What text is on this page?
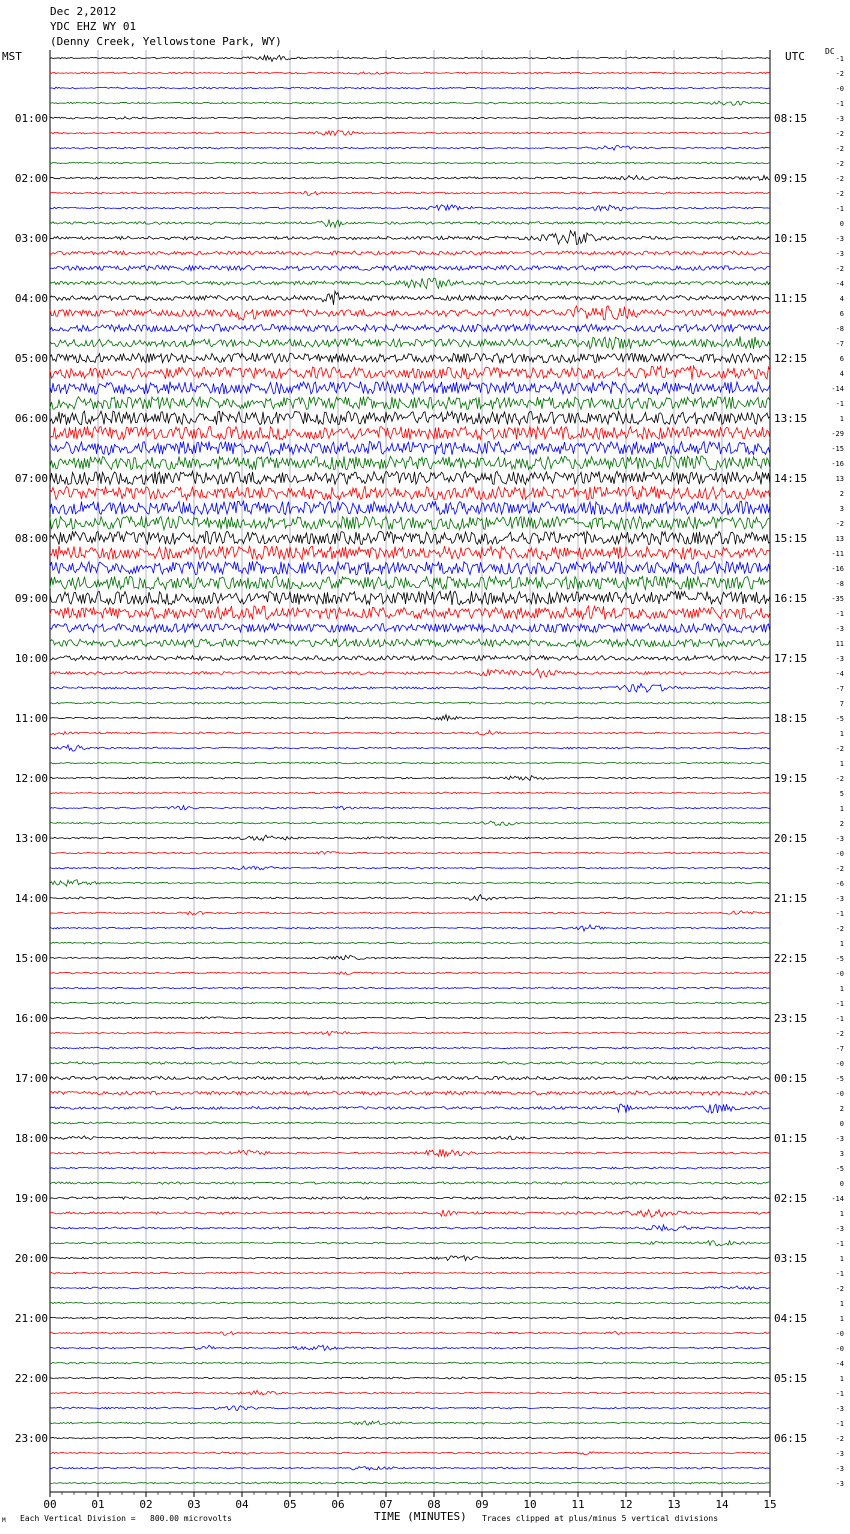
Dec 2,2012
YDC EHZ WY 01
(Denny Creek, Yellowstone Park, WY)
MST	UTC	DC
-1
-2
-0
-1
-3
-2
-2
-2
-2
-2
-1
0
-3
-3
-2
-4
4
6
-8
-7
6
4
-14
-1
1
-29
-15
-16
13
2
3
-2
13
-11
-16
-8
-35
-1
-3
11
-3
-4
-7
7
-5
1
-2
1
-2
5
1
2
-3
-0
-2
-6
-3
-1
-2
1
-5
-0
1
-1
-1
-2
-7
-0
-5
-0
2
0
-3
3
-5
0
-14
1
-3
-1
1
-1
-2
1
1
-0
-0
-4
1
-1
-3
-1
-2
-3
-3
-3
01:00
02:00
03:00
04:00
05:00
06:00
07:00
08:00
09:00
10:00
11:00
12:00
13:00
14:00
15:00
16:00
17:00
18:00
19:00
20:00
21:00
22:00
23:00
08:15
09:15
10:15
11:15
12:15
13:15
14:15
15:15
16:15
17:15
18:15
19:15
20:15
21:15
22:15
23:15
00:15
01:15
02:15
03:15
04:15
05:15
06:15
00	01	02	03	04	05	06	07	08	09	10	11	12	13	14	15
M Each Vertical Division =   800.00 microvolts	TIME (MINUTES) Traces clipped at plus/minus 5 vertical divisions
